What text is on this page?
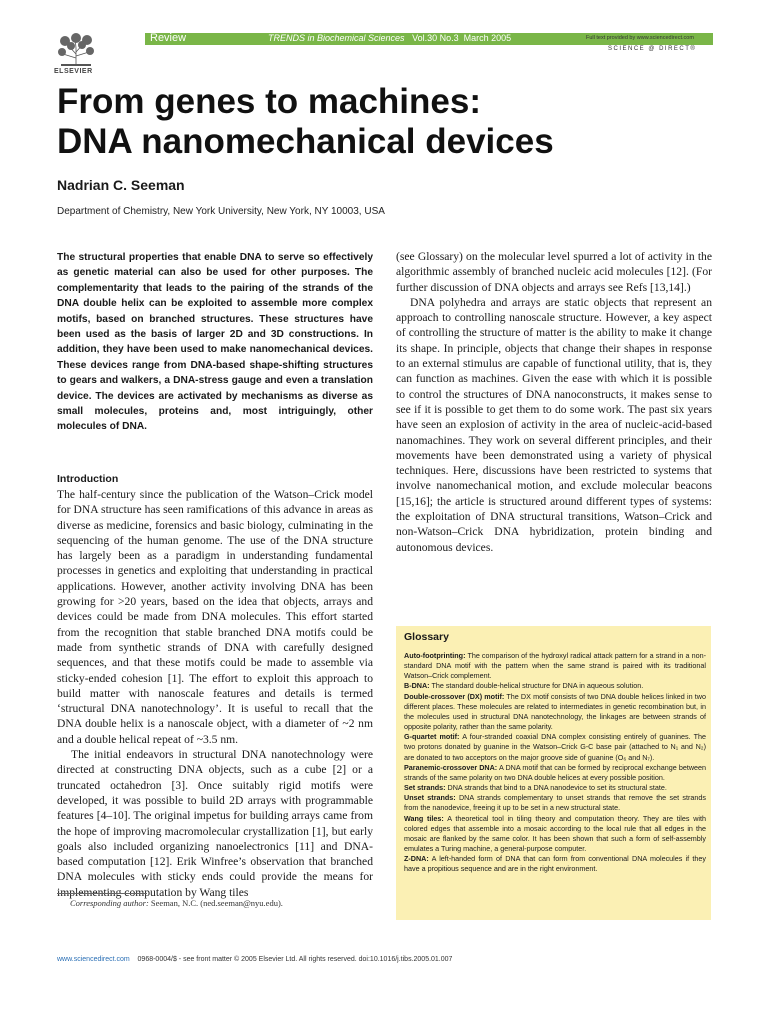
ELSEVIER
Review	TRENDS in Biochemical Sciences Vol.30 No.3 March 2005	Full text provided by www.sciencedirect.com
SCIENCE @ DIRECT®
From genes to machines:
DNA nanomechanical devices
Nadrian C. Seeman
Department of Chemistry, New York University, New York, NY 10003, USA
The structural properties that enable DNA to serve so effectively as genetic material can also be used for other purposes. The complementarity that leads to the pairing of the strands of the DNA double helix can be exploited to assemble more complex motifs, based on branched structures. These structures have been used as the basis of larger 2D and 3D constructions. In addition, they have been used to make nanomechanical devices. These devices range from DNA-based shape-shifting structures to gears and walkers, a DNA-stress gauge and even a translation device. The devices are activated by mechanisms as diverse as small molecules, proteins and, most intriguingly, other molecules of DNA.
Introduction

The half-century since the publication of the Watson–Crick model for DNA structure has seen ramifications of this advance in areas as diverse as medicine, forensics and basic biology, culminating in the sequencing of the human genome. The use of the DNA structure has largely been as a paradigm in understanding fundamental processes in genetics and exploiting that understanding in practical applications. However, another activity involving DNA has been growing for >20 years, based on the idea that objects, arrays and devices could be made from DNA molecules. This effort started from the recognition that stable branched DNA motifs could be made from synthetic strands of DNA with carefully designed sequences, and that these motifs could be made to assemble via sticky-ended cohesion [1]. The effort to exploit this approach to build matter with nanoscale features and details is termed ‘structural DNA nanotechnology’. It is useful to recall that the DNA double helix is a nanoscale object, with a diameter of ~2 nm and a double helical repeat of ~3.5 nm.

The initial endeavors in structural DNA nanotechnology were directed at constructing DNA objects, such as a cube [2] or a truncated octahedron [3]. Once suitably rigid motifs were developed, it was possible to build 2D arrays with programmable features [4–10]. The original impetus for building arrays came from the hope of improving macromolecular crystallization [1], but early goals also included organizing nanoelectronics [11] and DNA-based computation [12]. Erik Winfree’s observation that branched DNA molecules with sticky ends could provide the means for implementing computation by Wang tiles

Corresponding author: Seeman, N.C. (ned.seeman@nyu.edu).

(see Glossary) on the molecular level spurred a lot of activity in the algorithmic assembly of branched nucleic acid molecules [12]. (For further discussion of DNA objects and arrays see Refs [13,14].)

DNA polyhedra and arrays are static objects that represent an approach to controlling nanoscale structure. However, a key aspect of controlling the structure of matter is the ability to make it change its shape. In principle, objects that change their shapes in response to an external stimulus are capable of functional utility, that is, they can function as machines. Given the ease with which it is possible to control the structures of DNA nanoconstructs, it makes sense to see if it is possible to get them to do some work. The past six years have seen an explosion of activity in the area of nucleic-acid-based nanomachines. They work on several different principles, and their movements have been demonstrated using a variety of physical techniques. Here, discussions have been restricted to systems that involve nanomechanical motion, and exclude molecular beacons [15,16]; the article is structured around different types of systems: the exploitation of DNA structural transitions, Watson–Crick and non-Watson–Crick DNA hybridization, protein binding and autonomous devices.

Glossary
Auto-footprinting: The comparison of the hydroxyl radical attack pattern for a strand in a non-standard DNA motif with the pattern when the same strand is paired with its traditional Watson–Crick complement.
B-DNA: The standard double-helical structure for DNA in aqueous solution.
Double-crossover (DX) motif: The DX motif consists of two DNA double helices linked in two different places. These molecules are related to intermediates in genetic recombination but, in the molecules used in structural DNA nanotechnology, the linkages are between strands of opposite polarity, rather than the same polarity.
G-quartet motif: A four-stranded coaxial DNA complex consisting entirely of guanines. The two protons donated by guanine in the Watson–Crick G-C base pair (attached to N₁ and N₂) are donated to two acceptors on the major groove side of guanine (O₆ and N₇).
Paranemic-crossover DNA: A DNA motif that can be formed by reciprocal exchange between strands of the same polarity on two DNA double helices at every possible position.
Set strands: DNA strands that bind to a DNA nanodevice to set its structural state.
Unset strands: DNA strands complementary to unset strands that remove the set strands from the nanodevice, freeing it up to be set in a new structural state.
Wang tiles: A theoretical tool in tiling theory and computation theory. They are tiles with colored edges that assemble into a mosaic according to the local rule that all edges in the mosaic are flanked by the same color. It has been shown that such a form of self-assembly emulates a Turing machine, a general-purpose computer.
Z-DNA: A left-handed form of DNA that can form from conventional DNA molecules if they have a propitious sequence and are in the right environment.
www.sciencedirect.com 0968-0004/$ - see front matter © 2005 Elsevier Ltd. All rights reserved. doi:10.1016/j.tibs.2005.01.007
